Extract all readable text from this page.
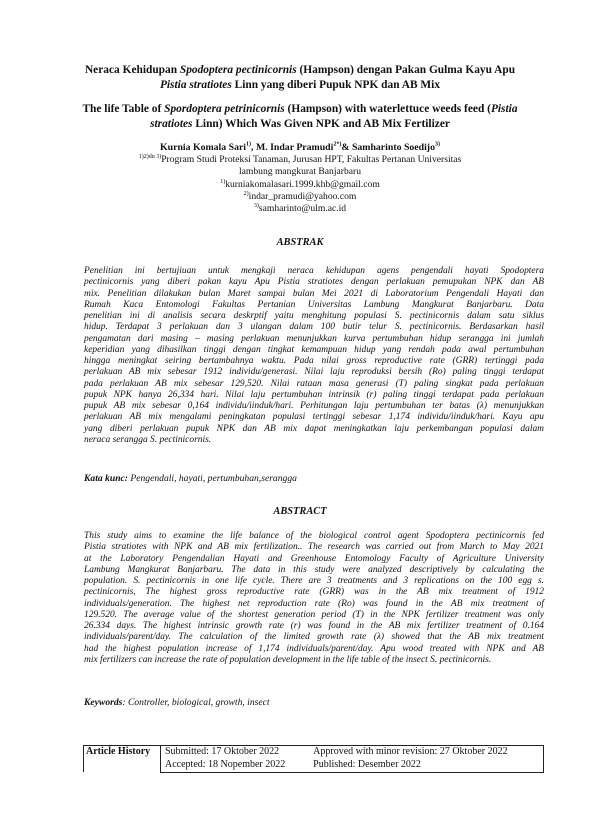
Neraca Kehidupan Spodoptera pectinicornis (Hampson) dengan Pakan Gulma Kayu Apu
Pistia stratiotes Linn yang diberi Pupuk NPK dan AB Mix
The life Table of Spordoptera petrinicornis (Hampson) with waterlettuce weeds feed (Pistia
stratiotes Linn) Which Was Given NPK and AB Mix Fertilizer
Kurnia Komala Sari$^{1)}$, M. Indar Pramudi$^{2*)}$& Samharinto Soedijo$^{3)}$
$^{1)2)dn 3)}$Program Studi Proteksi Tanaman, Jurusan HPT, Fakultas Pertanan Universitas
lambung mangkurat Banjarbaru
$^{1)}$kurniakomalasari.1999.khb@gmail.com
$^{2)}$indar_pramudi@yahoo.com
$^{3)}$samharinto@ulm.ac.id
ABSTRAK

Penelitian ini bertujiuan untuk mengkaji neraca kehidupan agens pengendali hayati Spodoptera

pectinicornis yang diberi pakan kayu Apu Pistia stratiotes dengan perlakuan pemupukan NPK dan AB

mix. Penelitian dilakukan bulan Maret sampai bulan Mei 2021 di Laboratorium Pengendali Hayati dan

Rumah Kaca Entomologi Fakultas Pertanian Universitas Lambung Mangkurat Banjarbaru. Data

penelitian ini di analisis secara deskrptif yaitu menghitung populasi S. pectinicornis dalam satu siklus

hidup. Terdapat 3 perlakuan dan 3 ulangan dalam 100 butir telur S. pectinicornis. Berdasarkan hasil

pengamatan dari masing – masing perlakuan menunjukkan kurva pertumbuhan hidup serangga ini jumlah

keperidian yang dihasilkan tinggi dengan tingkat kemampuan hidup yang rendah pada awal pertumbuhan

hingga meningkat seiring bertambahnya waktu. Pada nilai gross reproductive rate (GRR) tertinggi pada

perlakuan AB mix sebesar 1912 individu/generasi. Nilai laju reproduksi bersih (Ro) paling tinggi terdapat

pada perlakuan AB mix sebesar 129,520. Nilai rataan masa generasi (T) paling singkat pada perlakuan

pupuk NPK hanya 26,334 hari. Nilai laju pertumbuhan intrinsik (r) paling tinggi terdapat pada perlakuan

pupuk AB mix sebesar 0,164 individu/iinduk/hari. Perhitungan laju pertumbuhan ter batas (λ) menunjukkan

perlakuan AB mix mengalami peningkatan populasi tertinggi sebesar 1,174 individu/iinduk/hari. Kayu apu

yang diberi perlakuan pupuk NPK dan AB mix dapat meningkatkan laju perkembangan populasi dalam

neraca serangga S. pectinicornis.

Kata kunc: Pengendali, hayati, pertumbuhan,serangga
ABSTRACT

This study aims to examine the life balance of the biological control agent Spodoptera pectinicornis fed

Pistia stratiotes with NPK and AB mix fertilization.. The research was carried out from March to May 2021

at the Laboratory Pengendalian Hayati and Greenhouse Entomology Faculty of Agriculture University

Lambung Mangkurat Banjarbaru. The data in this study were analyzed descriptively by calculating the

population. S. pectinicornis in one life cycle. There are 3 treatments and 3 replications on the 100 egg s.

pectinicornis, The highest gross reproductive rate (GRR) was in the AB mix treatment of 1912

individuals/generation. The highest net reproduction rate (Ro) was found in the AB mix treatment of

129.520. The average value of the shortest generation period (T) in the NPK fertilizer treatment was only

26.334 days. The highest intrinsic growth rate (r) was found in the AB mix fertilizer treatment of 0.164

individuals/parent/day. The calculation of the limited growth rate (λ) showed that the AB mix treatment

had the highest population increase of 1,174 individuals/parent/day. Apu wood treated with NPK and AB

mix fertilizers can increase the rate of population development in the life table of the insect S. pectinicornis.

Keywords: Controller, biological, growth, insect
Article History	Submitted: 17 Oktober 2022	Approved with minor revision: 27 Oktober 2022
	Accepted: 18 Nopember 2022	Published: Desember 2022
